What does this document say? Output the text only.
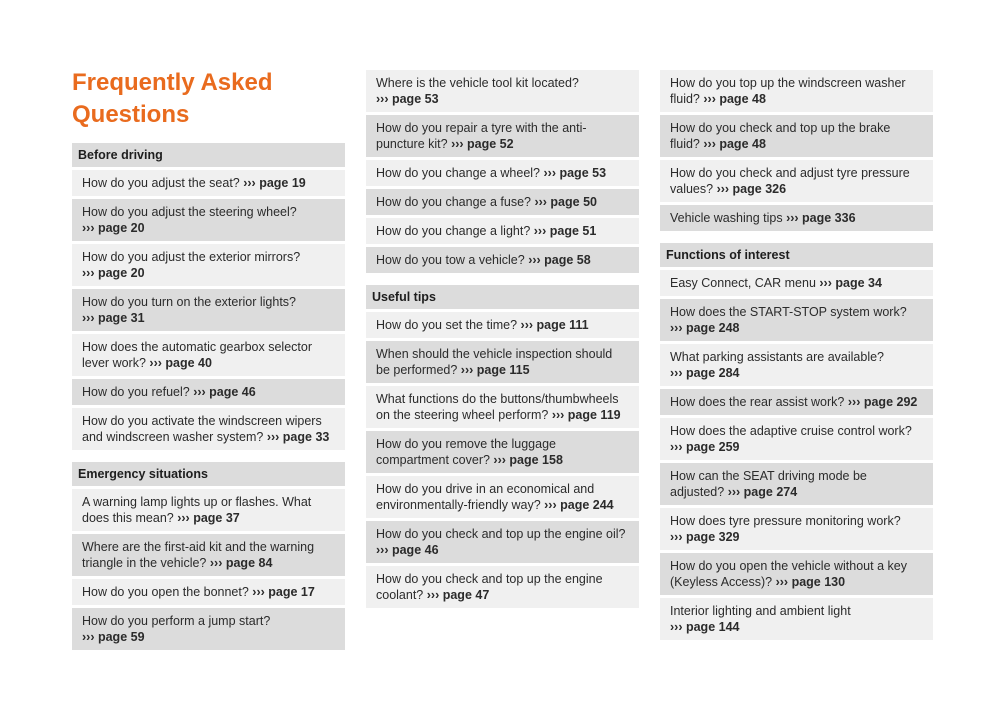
Frequently Asked Questions
Before driving
How do you adjust the seat? ››› page 19
How do you adjust the steering wheel? ››› page 20
How do you adjust the exterior mirrors? ››› page 20
How do you turn on the exterior lights? ››› page 31
How does the automatic gearbox selector lever work? ››› page 40
How do you refuel? ››› page 46
How do you activate the windscreen wipers and windscreen washer system? ››› page 33
Emergency situations
A warning lamp lights up or flashes. What does this mean? ››› page 37
Where are the first-aid kit and the warning triangle in the vehicle? ››› page 84
How do you open the bonnet? ››› page 17
How do you perform a jump start? ››› page 59
Where is the vehicle tool kit located? ››› page 53
How do you repair a tyre with the anti-puncture kit? ››› page 52
How do you change a wheel? ››› page 53
How do you change a fuse? ››› page 50
How do you change a light? ››› page 51
How do you tow a vehicle? ››› page 58
Useful tips
How do you set the time? ››› page 111
When should the vehicle inspection should be performed? ››› page 115
What functions do the buttons/thumbwheels on the steering wheel perform? ››› page 119
How do you remove the luggage compartment cover? ››› page 158
How do you drive in an economical and environmentally-friendly way? ››› page 244
How do you check and top up the engine oil? ››› page 46
How do you check and top up the engine coolant? ››› page 47
How do you top up the windscreen washer fluid? ››› page 48
How do you check and top up the brake fluid? ››› page 48
How do you check and adjust tyre pressure values? ››› page 326
Vehicle washing tips ››› page 336
Functions of interest
Easy Connect, CAR menu ››› page 34
How does the START-STOP system work? ››› page 248
What parking assistants are available? ››› page 284
How does the rear assist work? ››› page 292
How does the adaptive cruise control work? ››› page 259
How can the SEAT driving mode be adjusted? ››› page 274
How does tyre pressure monitoring work? ››› page 329
How do you open the vehicle without a key (Keyless Access)? ››› page 130
Interior lighting and ambient light ››› page 144
